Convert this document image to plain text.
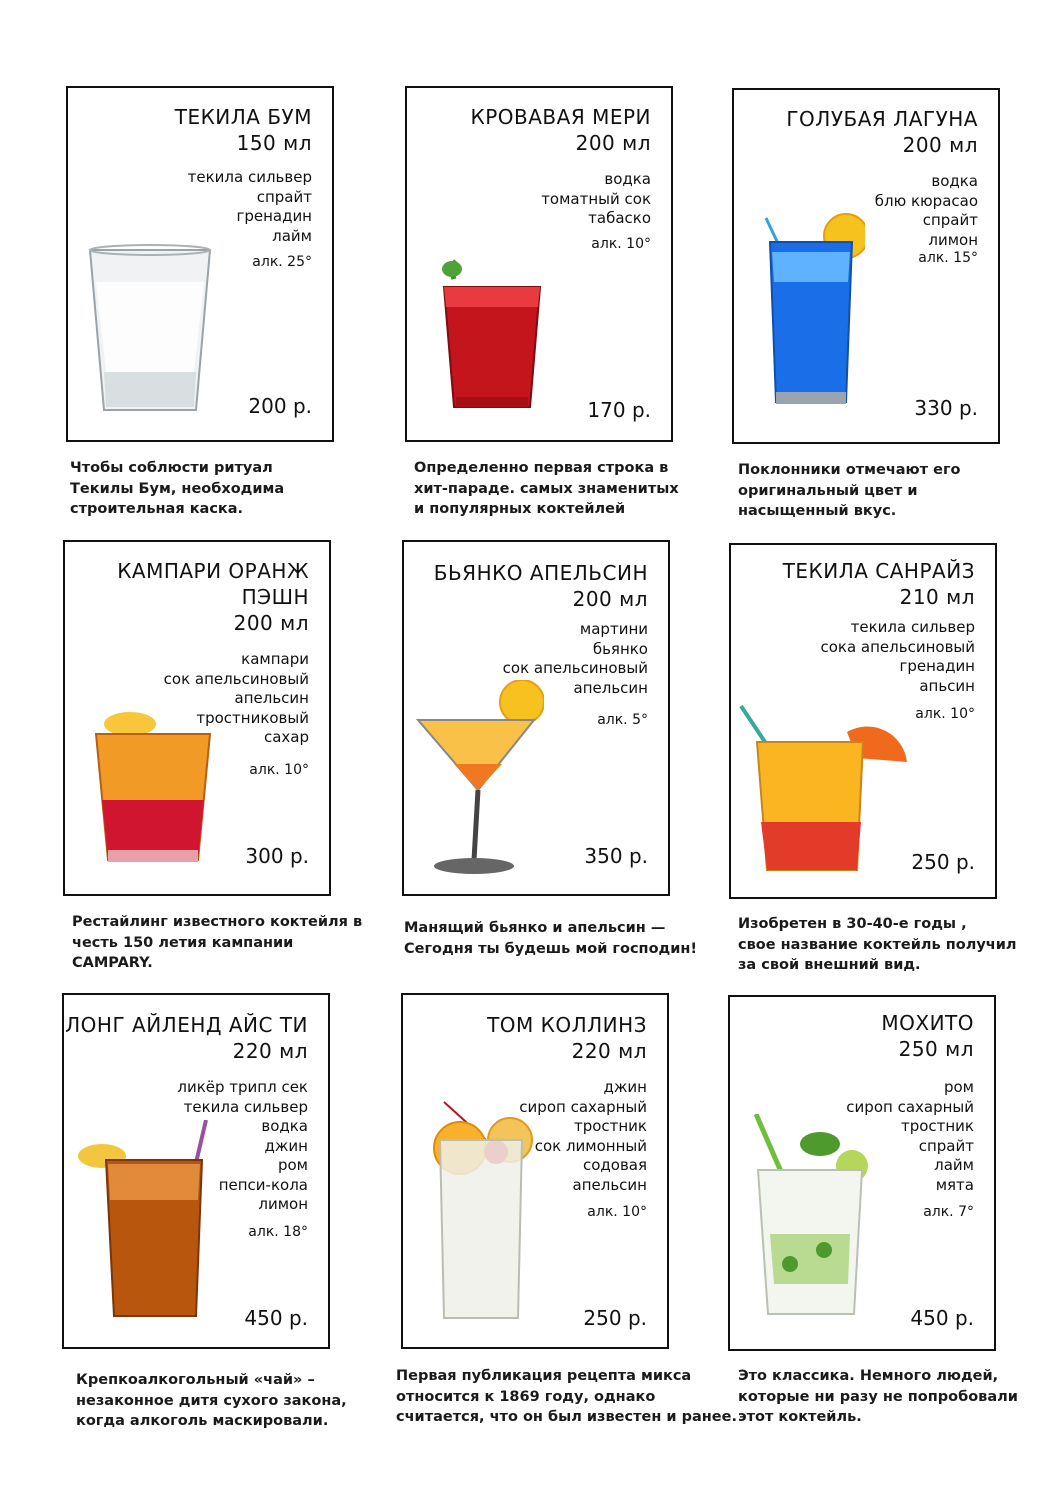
ТЕКИЛА БУМ
150 мл
текила сильвер
спрайт
гренадин
лайм
алк. 25°
200 р.
Чтобы соблюсти ритуал
Текилы Бум, необходима
строительная каска.
КРОВАВАЯ МЕРИ
200 мл
водка
томатный сок
табаско
алк. 10°
170 р.
Определенно первая строка в
хит-параде. самых знаменитых
и популярных коктейлей
ГОЛУБАЯ ЛАГУНА
200 мл
водка
блю кюрасао
спрайт
лимон
алк. 15°
330 р.
Поклонники отмечают его
оригинальный цвет и
насыщенный вкус.
КАМПАРИ ОРАНЖ
ПЭШН
200 мл
кампари
сок апельсиновый
апельсин
тростниковый
сахар
алк. 10°
300 р.
Рестайлинг известного коктейля в
честь 150 летия кампании
CAMPARY.
БЬЯНКО АПЕЛЬСИН
200 мл
мартини
бьянко
сок апельсиновый
апельсин
алк. 5°
350 р.
Манящий бьянко и апельсин —
Сегодня ты будешь мой господин!
ТЕКИЛА САНРАЙЗ
210 мл
текила сильвер
сока апельсиновый
гренадин
апьсин
алк. 10°
250 р.
Изобретен в 30-40-е годы ,
свое название коктейль получил
за свой внешний вид.
ЛОНГ АЙЛЕНД АЙС ТИ
220 мл
ликёр трипл сек
текила сильвер
водка
джин
ром
пепси-кола
лимон
алк. 18°
450 р.
Крепкоалкогольный «чай» –
незаконное дитя сухого закона,
когда алкоголь маскировали.
ТОМ КОЛЛИНЗ
220 мл
джин
сироп сахарный
тростник
сок лимонный
содовая
апельсин
алк. 10°
250 р.
Первая публикация рецепта микса
относится к 1869 году, однако
считается, что он был известен и ранее.
МОХИТО
250 мл
ром
сироп сахарный
тростник
спрайт
лайм
мята
алк. 7°
450 р.
Это классика. Немного людей,
которые ни разу не попробовали
этот коктейль.
